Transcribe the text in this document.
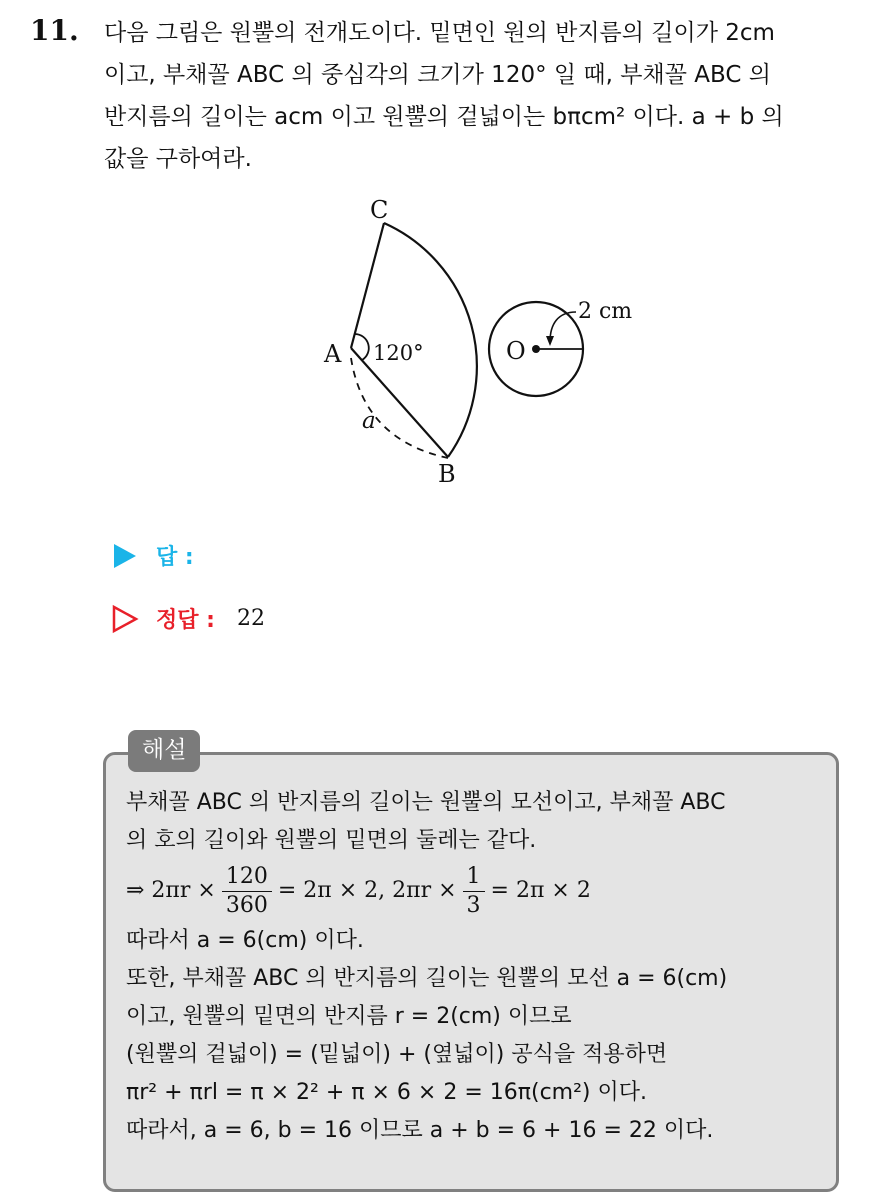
11. 다음 그림은 원뿔의 전개도이다. 밑면인 원의 반지름의 길이가 2cm
이고, 부채꼴 ABC 의 중심각의 크기가 120° 일 때, 부채꼴 ABC 의
반지름의 길이는 acm 이고 원뿔의 겉넓이는 bπcm² 이다. a + b 의
값을 구하여라.

C
A
B
O
120°
2 cm
a
답 :
정답 : 22
해설
부채꼴 ABC 의 반지름의 길이는 원뿔의 모선이고, 부채꼴 ABC
의 호의 길이와 원뿔의 밑면의 둘레는 같다.
⇒ $2\pi r \times \frac{120}{360} = 2\pi \times 2$, $2\pi r \times \frac{1}{3} = 2\pi \times 2$
따라서 a = 6(cm) 이다.
또한, 부채꼴 ABC 의 반지름의 길이는 원뿔의 모선 a = 6(cm)
이고, 원뿔의 밑면의 반지름 r = 2(cm) 이므로
(원뿔의 겉넓이) = (밑넓이) + (옆넓이) 공식을 적용하면
πr² + πrl = π × 2² + π × 6 × 2 = 16π(cm²) 이다.
따라서, a = 6, b = 16 이므로 a + b = 6 + 16 = 22 이다.
